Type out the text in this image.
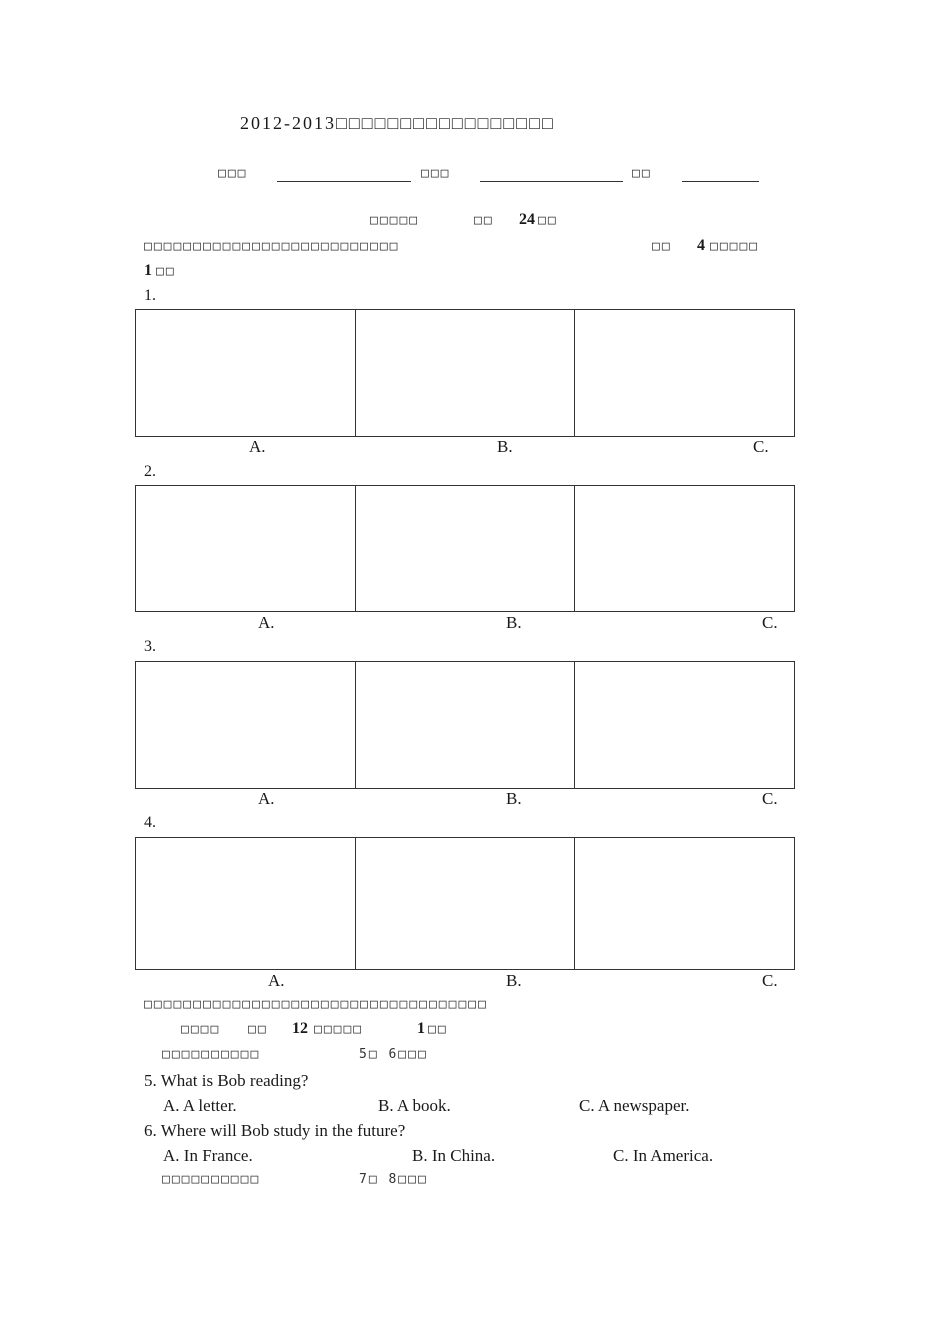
2012-2013□□□□□□□□□□□□□□□□□
□□□	□□□	□□
□□□□□	□□ 24 □□
□□□□□□□□□□□□□□□□□□□□□□□□□□	□□ 4 □□□□□
1 □□
1.
A.	B.	C.
2.
A.	B.	C.
3.
A.	B.	C.
4.
A.	B.	C.
□□□□□□□□□□□□□□□□□□□□□□□□□□□□□□□□□□□
□□□□ □□ 12 □□□□□	1 □□
□□□□□□□□□□	5□ 6□□□
5. What is Bob reading?
A. A letter.	B. A book.	C. A newspaper.
6. Where will Bob study in the future?
A. In France.	B. In China.	C. In America.
□□□□□□□□□□	7□ 8□□□
